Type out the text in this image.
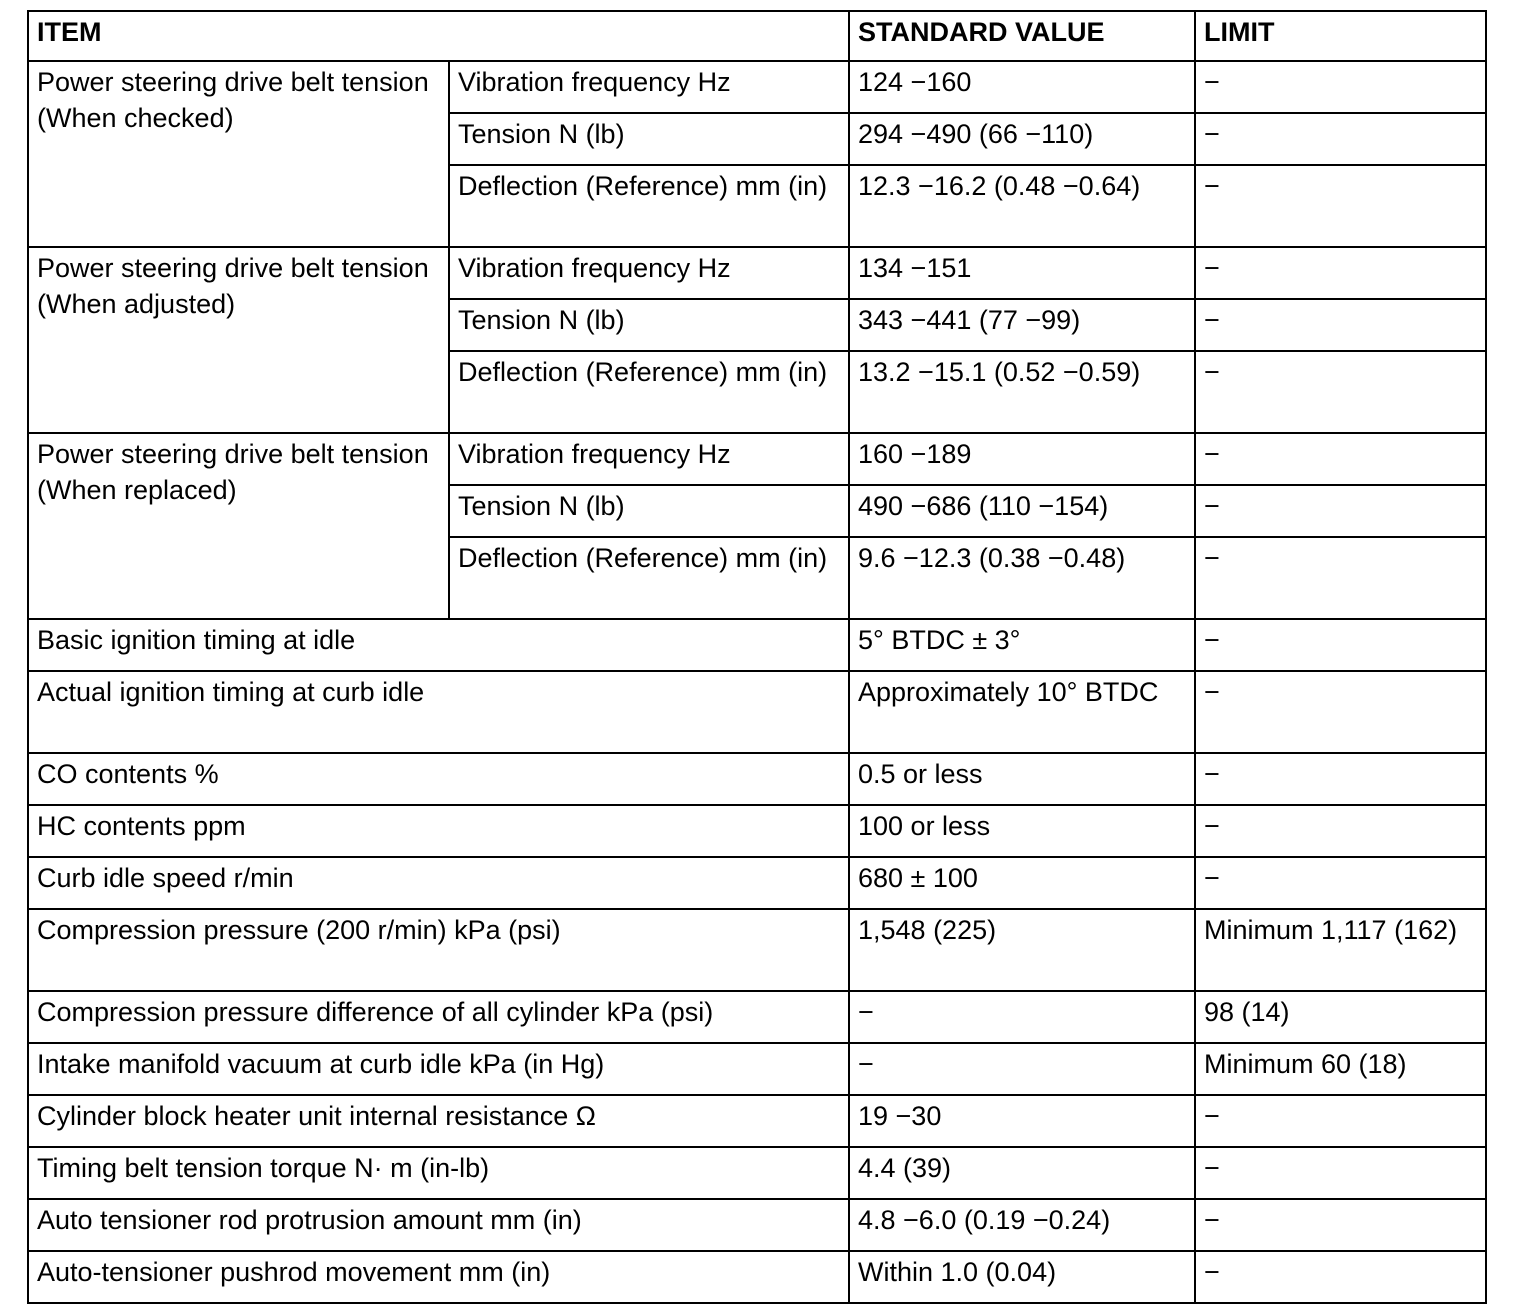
ITEM		STANDARD VALUE	LIMIT
Power steering drive belt tension (When checked)	Vibration frequency Hz	124 −160	−
	Tension N (lb)	294 −490 (66 −110)	−
	Deflection (Reference) mm (in)	12.3 −16.2 (0.48 −0.64)	−
Power steering drive belt tension (When adjusted)	Vibration frequency Hz	134 −151	−
	Tension N (lb)	343 −441 (77 −99)	−
	Deflection (Reference) mm (in)	13.2 −15.1 (0.52 −0.59)	−
Power steering drive belt tension (When replaced)	Vibration frequency Hz	160 −189	−
	Tension N (lb)	490 −686 (110 −154)	−
	Deflection (Reference) mm (in)	9.6 −12.3 (0.38 −0.48)	−
Basic ignition timing at idle		5° BTDC ± 3°	−
Actual ignition timing at curb idle		Approximately 10° BTDC	−
CO contents %		0.5 or less	−
HC contents ppm		100 or less	−
Curb idle speed r/min		680 ± 100	−
Compression pressure (200 r/min) kPa (psi)		1,548 (225)	Minimum 1,117 (162)
Compression pressure difference of all cylinder kPa (psi)		−	98 (14)
Intake manifold vacuum at curb idle kPa (in Hg)		−	Minimum 60 (18)
Cylinder block heater unit internal resistance Ω		19 −30	−
Timing belt tension torque N· m (in-lb)		4.4 (39)	−
Auto tensioner rod protrusion amount mm (in)		4.8 −6.0 (0.19 −0.24)	−
Auto-tensioner pushrod movement mm (in)		Within 1.0 (0.04)	−
